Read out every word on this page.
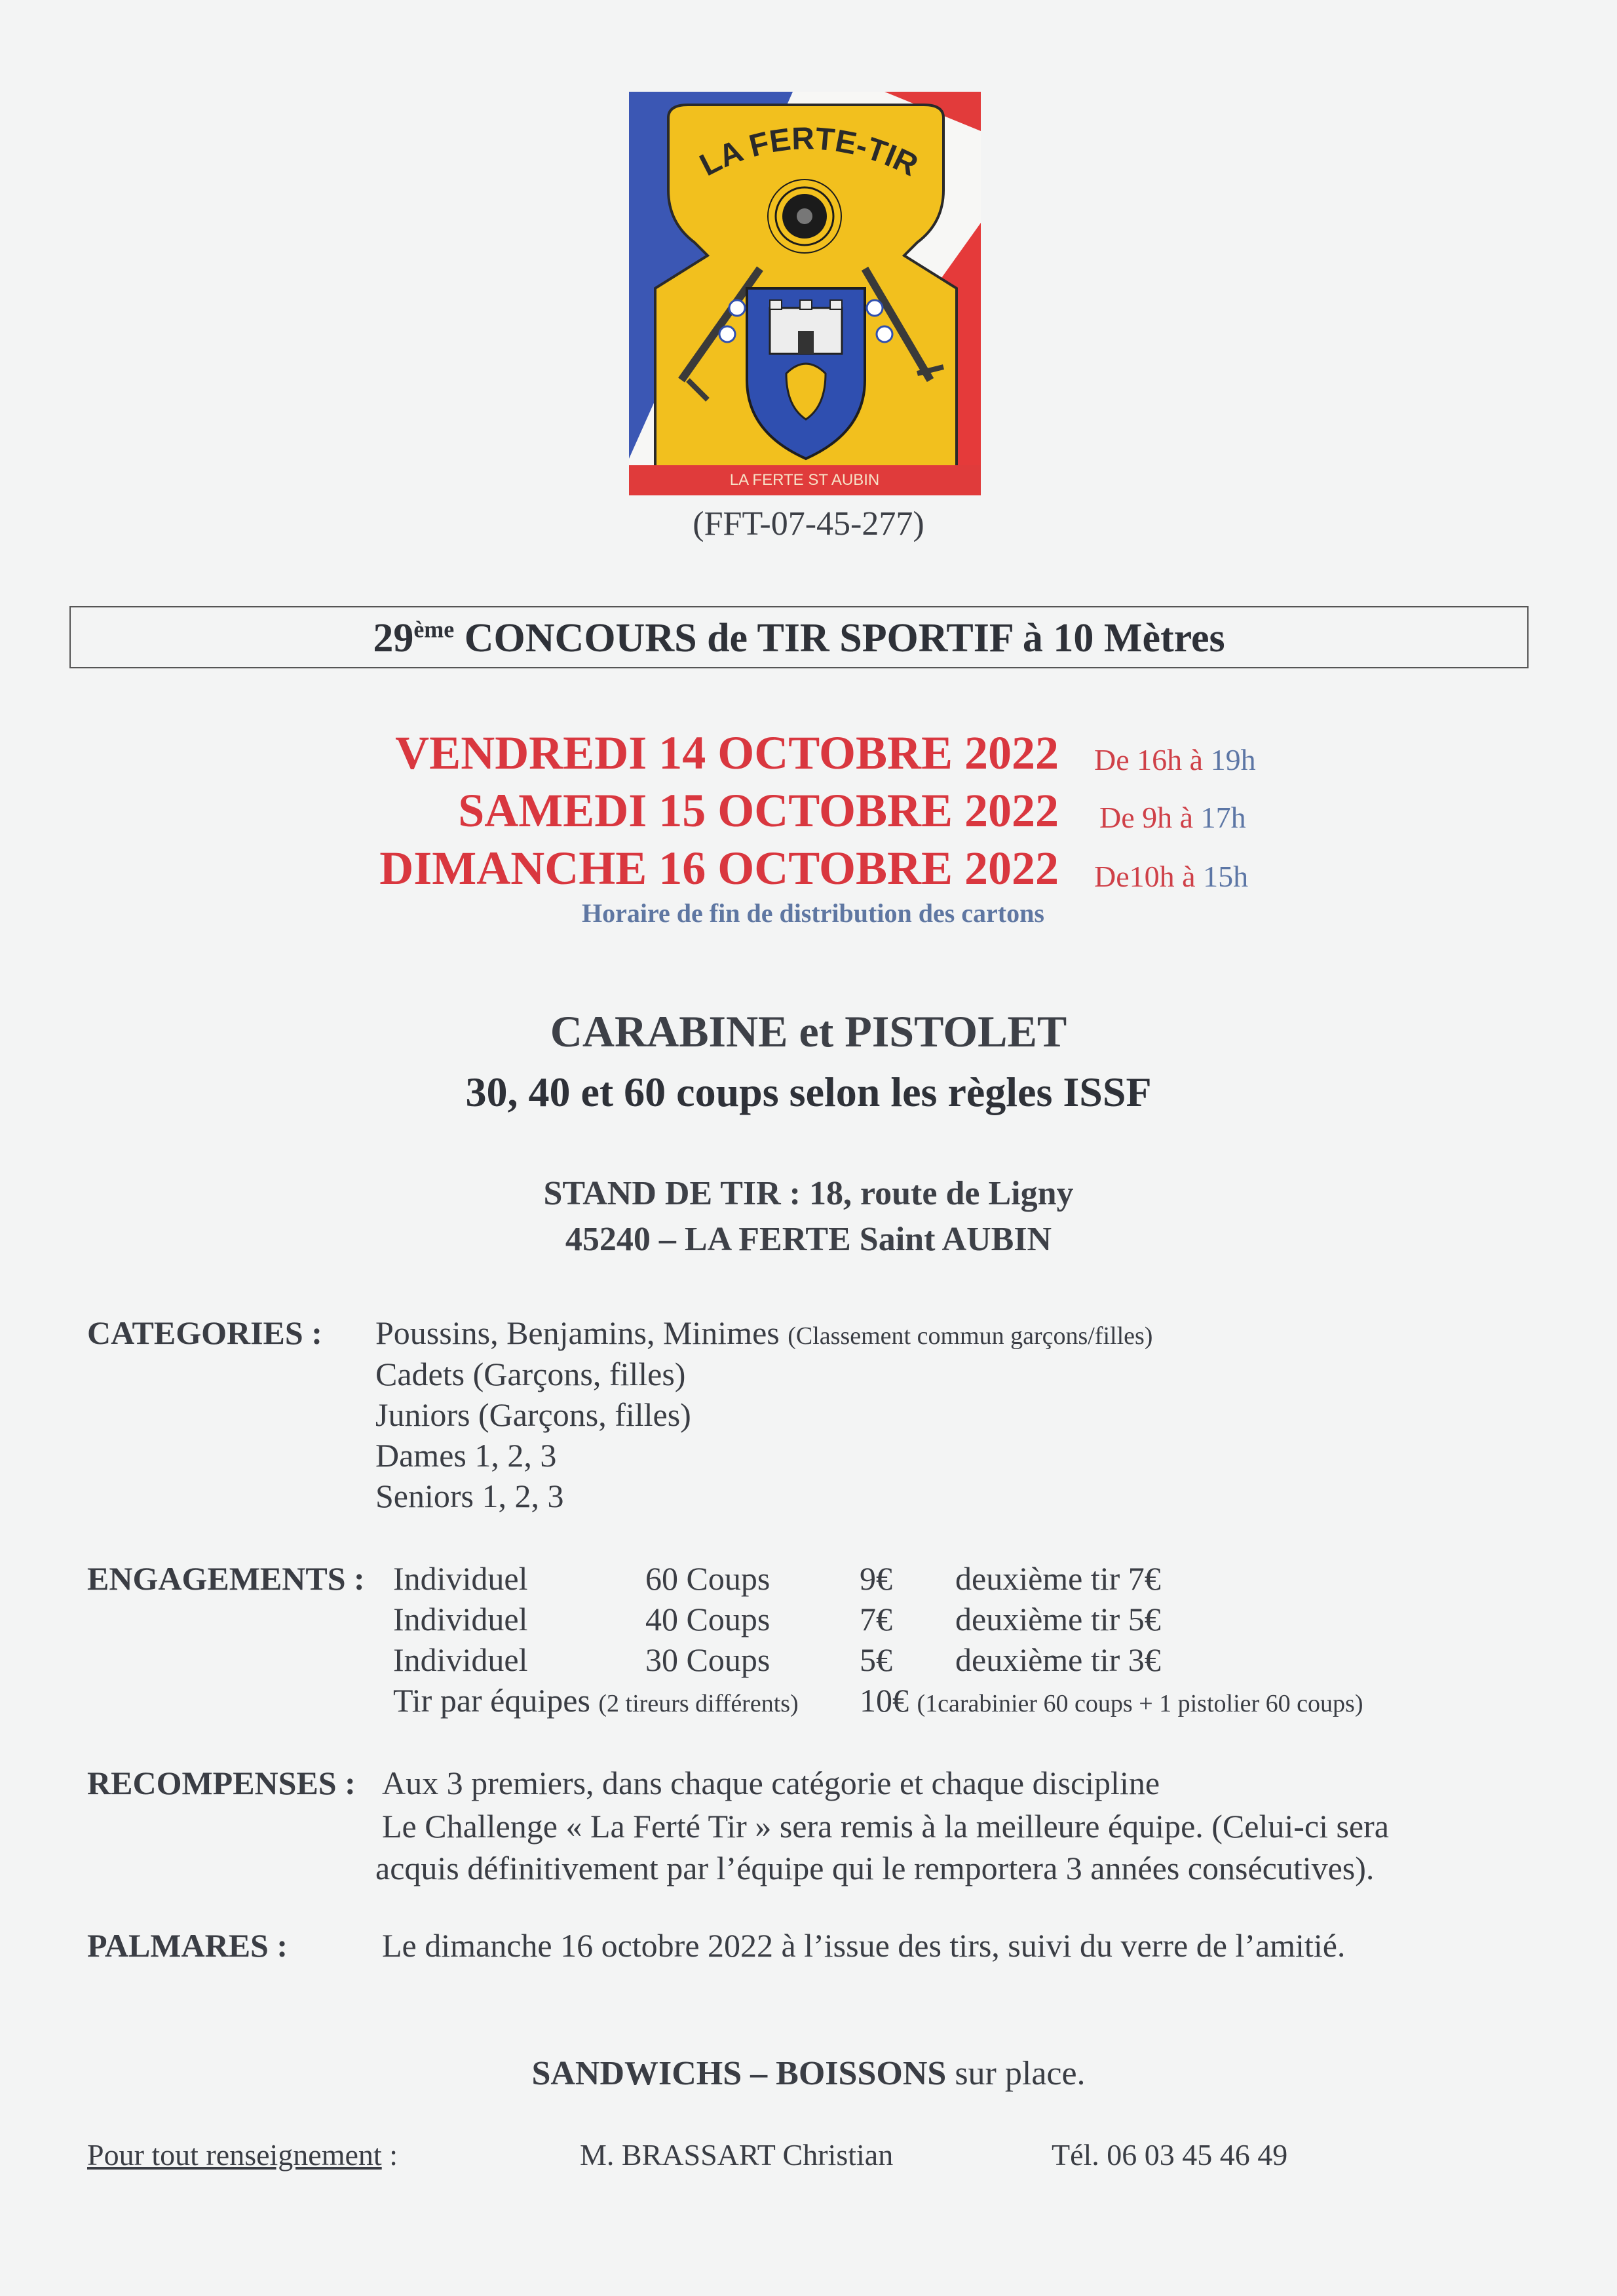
LA FERTE-TIR
LA FERTE ST AUBIN
(FFT-07-45-277)
29ème CONCOURS de TIR SPORTIF à 10 Mètres
VENDREDI 14 OCTOBRE 2022 De 16h à 19h
SAMEDI 15 OCTOBRE 2022 De 9h à 17h
DIMANCHE 16 OCTOBRE 2022 De10h à 15h
Horaire de fin de distribution des cartons
CARABINE et PISTOLET
30, 40 et 60 coups selon les règles ISSF
STAND DE TIR : 18, route de Ligny
45240 – LA FERTE Saint AUBIN
CATEGORIES : Poussins, Benjamins, Minimes (Classement commun garçons/filles)
Cadets (Garçons, filles)
Juniors (Garçons, filles)
Dames 1, 2, 3
Seniors 1, 2, 3
ENGAGEMENTS : Individuel	60 Coups	9€ deuxième tir 7€
Individuel	40 Coups	7€ deuxième tir 5€
Individuel	30 Coups	5€ deuxième tir 3€
Tir par équipes (2 tireurs différents) 10€ (1carabinier 60 coups + 1 pistolier 60 coups)
RECOMPENSES : Aux 3 premiers, dans chaque catégorie et chaque discipline
Le Challenge « La Ferté Tir » sera remis à la meilleure équipe. (Celui-ci sera
acquis définitivement par l’équipe qui le remportera 3 années consécutives).
PALMARES :	Le dimanche 16 octobre 2022 à l’issue des tirs, suivi du verre de l’amitié.
SANDWICHS – BOISSONS sur place.
Pour tout renseignement :	M. BRASSART Christian	Tél. 06 03 45 46 49
